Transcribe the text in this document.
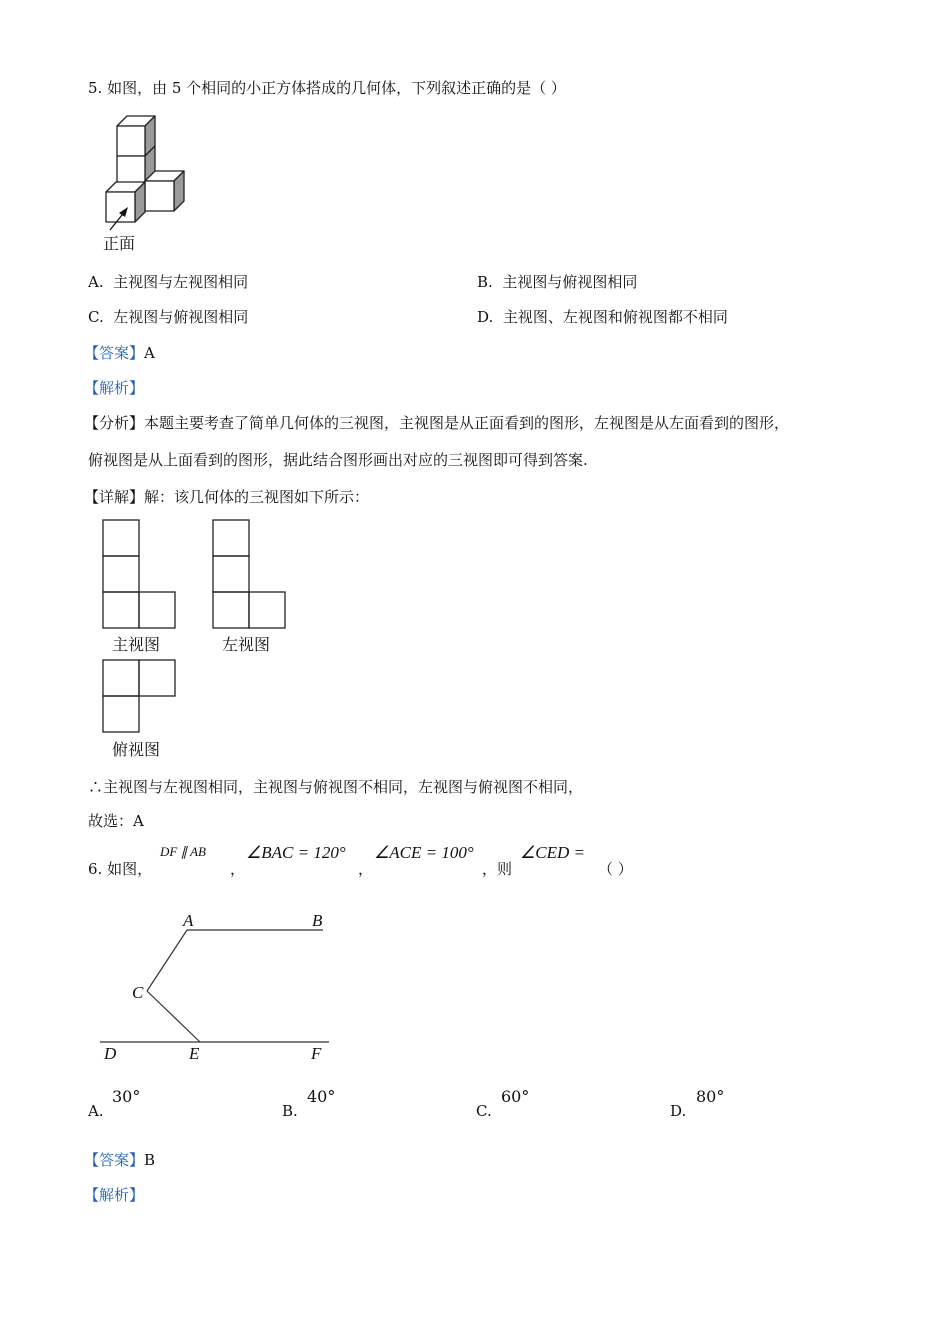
5. 如图，由 5 个相同的小正方体搭成的几何体，下列叙述正确的是（ ）
正面
A. 主视图与左视图相同	B. 主视图与俯视图相同
C. 左视图与俯视图相同	D. 主视图、左视图和俯视图都不相同
【答案】A
【解析】
【分析】本题主要考查了简单几何体的三视图，主视图是从正面看到的图形，左视图是从左面看到的图形，
俯视图是从上面看到的图形，据此结合图形画出对应的三视图即可得到答案.
【详解】解：该几何体的三视图如下所示：
主视图	左视图
俯视图
∴主视图与左视图相同，主视图与俯视图不相同，左视图与俯视图不相同，
故选：A
6. 如图，
DF ∥ AB
，
∠BAC = 120°
，
∠ACE = 100°
，则
∠CED =
（ ）
A	B
C
D	E	F
A.
30°
B.
40°
C.
60°
D.
80°
【答案】B
【解析】
